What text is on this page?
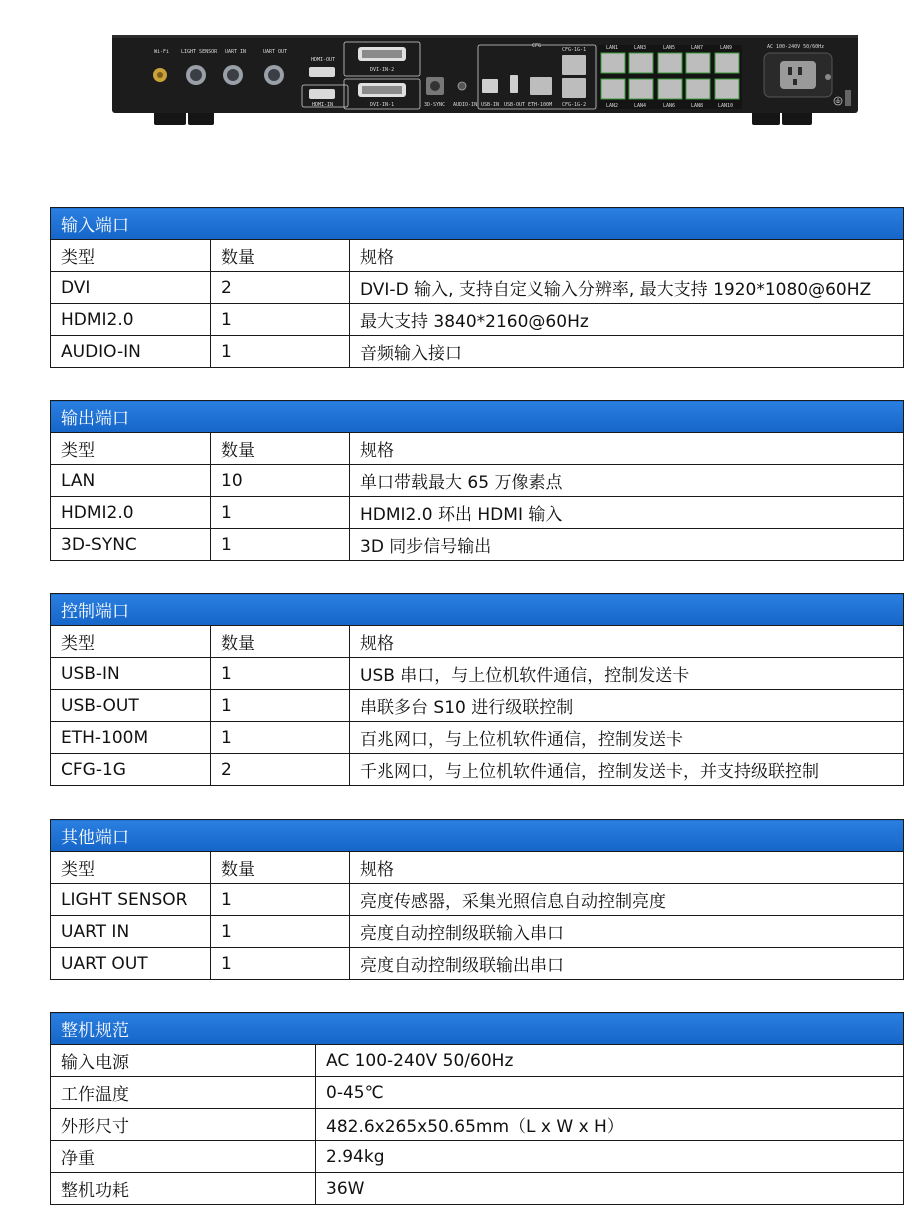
Wi-Fi LIGHT SENSOR UART IN	UART OUT
HDMI-OUT
HDMI-IN
DVI-IN-2
DVI-IN-1	3D-SYNC AUDIO-IN
CFG
USB-IN USB-OUT ETH-100M
CFG-1G-1
CFG-1G-2
LAN1	LAN3	LAN5	LAN7	LAN9
LAN2	LAN4	LAN6	LAN8	LAN10
AC 100-240V 50/60Hz
输入端口		
类型	数量	规格
DVI	2	DVI-D 输入, 支持自定义输入分辨率, 最大支持 1920*1080@60HZ
HDMI2.0	1	最大支持 3840*2160@60Hz
AUDIO-IN	1	音频输入接口
输出端口		
类型	数量	规格
LAN	10	单口带载最大 65 万像素点
HDMI2.0	1	HDMI2.0 环出 HDMI 输入
3D-SYNC	1	3D 同步信号输出
控制端口		
类型	数量	规格
USB-IN	1	USB 串口，与上位机软件通信，控制发送卡
USB-OUT	1	串联多台 S10 进行级联控制
ETH-100M	1	百兆网口，与上位机软件通信，控制发送卡
CFG-1G	2	千兆网口，与上位机软件通信，控制发送卡，并支持级联控制
其他端口		
类型	数量	规格
LIGHT SENSOR	1	亮度传感器，采集光照信息自动控制亮度
UART IN	1	亮度自动控制级联输入串口
UART OUT	1	亮度自动控制级联输出串口
整机规范	
输入电源	AC 100-240V 50/60Hz
工作温度	0-45℃
外形尺寸	482.6x265x50.65mm（L x W x H）
净重	2.94kg
整机功耗	36W
